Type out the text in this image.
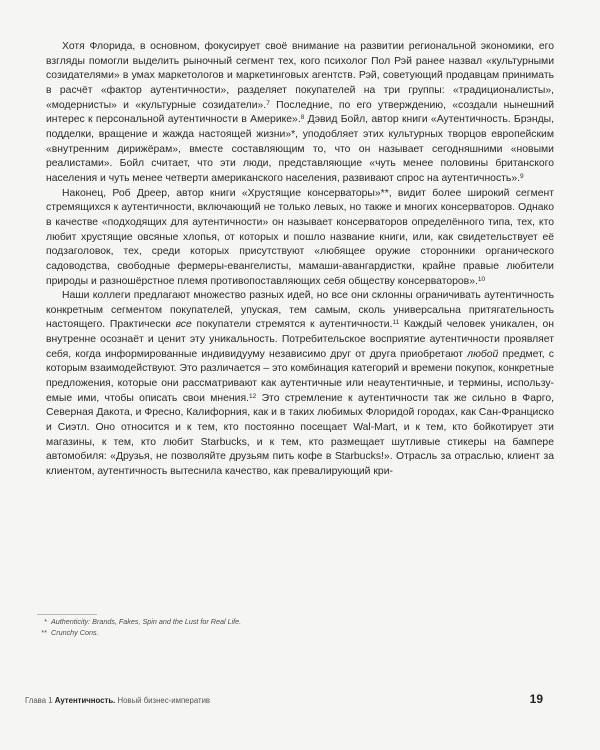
Хотя Флорида, в основном, фокусирует своё внимание на развитии региональной экономики, его взгляды помогли выделить рыночный сегмент тех, кого психолог Пол Рэй ранее назвал «культурными созидателями» в умах маркетологов и маркетинговых агентств. Рэй, советующий продавцам принимать в расчёт «фактор аутентичности», разделяет покупателей на три группы: «традиционалисты», «модернисты» и «культурные созидатели».$^7$ Последние, по его утверждению, «создали нынешний интерес к персональной аутентичности в Америке».$^8$ Дэвид Бойл, автор книги «Аутентичность. Брэнды, подделки, вращение и жажда настоящей жизни»*, уподобляет этих культурных творцов европейским «внутренним дирижёрам», вместе составляющим то, что он называет сегодняшними «новыми реалистами». Бойл считает, что эти люди, представляющие «чуть менее половины британского населения и чуть менее четверти американского населения, развивают спрос на аутентичность».$^9$

Наконец, Роб Дреер, автор книги «Хрустящие консерваторы»**, видит более широкий сегмент стремящихся к аутентичности, включающий не только левых, но также и многих консерваторов. Однако в качестве «подходящих для аутентичности» он называет консерваторов определённого типа, тех, кто любит хрустящие овсяные хлопья, от которых и пошло название книги, или, как свидетельствует её подзаголовок, тех, среди которых присутствуют «любящее оружие сторонники органического садоводства, свободные фермеры-евангелисты, мамаши-авангардистки, крайне правые любители природы и разношёрстное племя противопоставляющих себя обществу консерваторов».$^{10}$

Наши коллеги предлагают множество разных идей, но все они склонны ограничивать аутентичность конкретным сегментом покупателей, упуская, тем самым, сколь универсальна притягательность настоящего. Практически все покупатели стремятся к аутентичности.$^{11}$ Каждый человек уникален, он внутренне осознаёт и ценит эту уникальность. Потребительское восприятие аутентичности проявляет себя, когда информированные индивидууму независимо друг от друга приобретают любой предмет, с которым взаимодействуют. Это различается – это комбинация категорий и времени покупок, конкретные предложения, которые они рассматривают как аутентичные или неаутентичные, и термины, используемые ими, чтобы описать свои мнения.$^{12}$ Это стремление к аутентичности так же сильно в Фарго, Северная Дакота, и Фресно, Калифорния, как и в таких любимых Флоридой городах, как Сан-Франциско и Сиэтл. Оно относится и к тем, кто постоянно посещает Wal-Mart, и к тем, кто бойкотирует эти магазины, к тем, кто любит Starbucks, и к тем, кто размещает шутливые стикеры на бампере автомобиля: «Друзья, не позволяйте друзьям пить кофе в Starbucks!». Отрасль за отраслью, клиент за клиентом, аутентичность вытеснила качество, как превалирующий кри-

* Authenticity: Brands, Fakes, Spin and the Lust for Real Life.
** Crunchy Cons.
Глава 1 Аутентичность. Новый бизнес-императив	19
